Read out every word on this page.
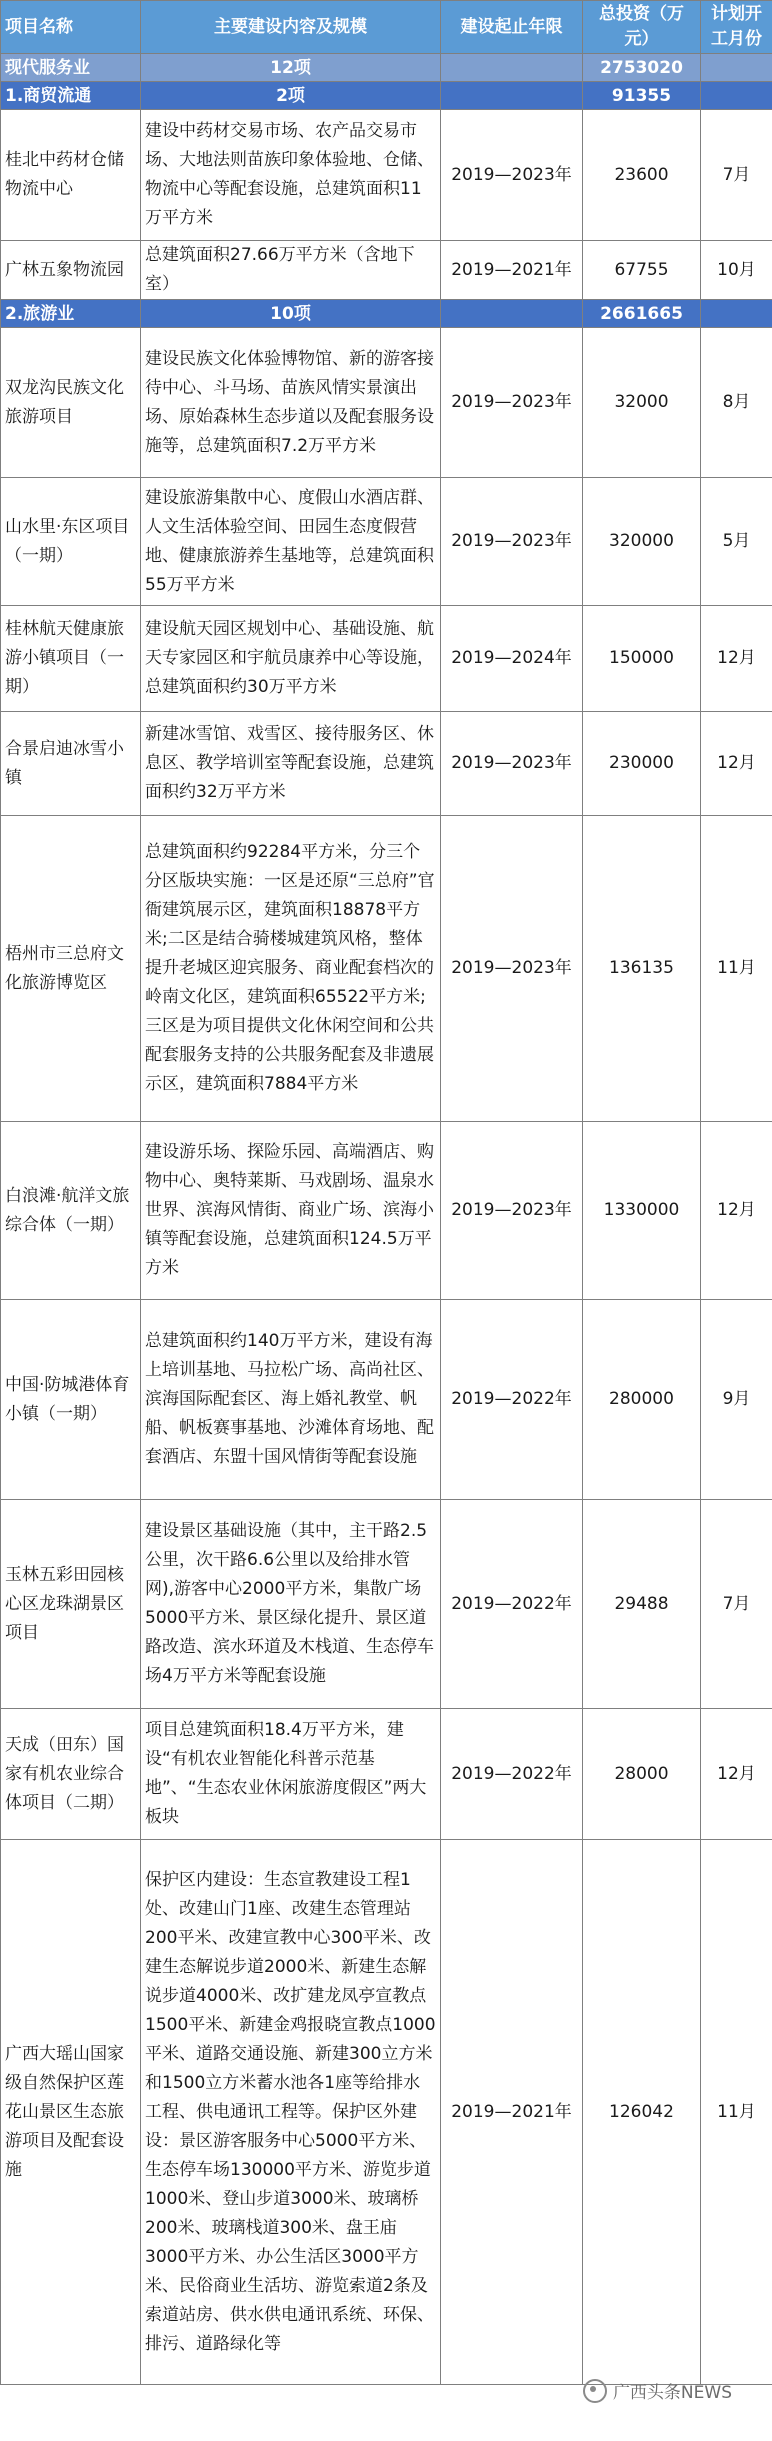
项目名称	主要建设内容及规模	建设起止年限	总投资（万元）	计划开工月份
现代服务业	12项		2753020	
1.商贸流通	2项		91355	
桂北中药材仓储物流中心	建设中药材交易市场、农产品交易市场、大地法则苗族印象体验地、仓储、物流中心等配套设施，总建筑面积11万平方米	2019—2023年	23600	7月
广林五象物流园	总建筑面积27.66万平方米（含地下室）	2019—2021年	67755	10月
2.旅游业	10项		2661665	
双龙沟民族文化旅游项目	建设民族文化体验博物馆、新的游客接待中心、斗马场、苗族风情实景演出场、原始森林生态步道以及配套服务设施等，总建筑面积7.2万平方米	2019—2023年	32000	8月
山水里·东区项目（一期）	建设旅游集散中心、度假山水酒店群、人文生活体验空间、田园生态度假营地、健康旅游养生基地等，总建筑面积55万平方米	2019—2023年	320000	5月
桂林航天健康旅游小镇项目（一期）	建设航天园区规划中心、基础设施、航天专家园区和宇航员康养中心等设施，总建筑面积约30万平方米	2019—2024年	150000	12月
合景启迪冰雪小镇	新建冰雪馆、戏雪区、接待服务区、休息区、教学培训室等配套设施，总建筑面积约32万平方米	2019—2023年	230000	12月
梧州市三总府文化旅游博览区	总建筑面积约92284平方米，分三个分区版块实施：一区是还原“三总府”官衙建筑展示区，建筑面积18878平方米;二区是结合骑楼城建筑风格，整体提升老城区迎宾服务、商业配套档次的岭南文化区，建筑面积65522平方米;三区是为项目提供文化休闲空间和公共配套服务支持的公共服务配套及非遗展示区，建筑面积7884平方米	2019—2023年	136135	11月
白浪滩·航洋文旅综合体（一期）	建设游乐场、探险乐园、高端酒店、购物中心、奥特莱斯、马戏剧场、温泉水世界、滨海风情街、商业广场、滨海小镇等配套设施，总建筑面积124.5万平方米	2019—2023年	1330000	12月
中国·防城港体育小镇（一期）	总建筑面积约140万平方米，建设有海上培训基地、马拉松广场、高尚社区、滨海国际配套区、海上婚礼教堂、帆船、帆板赛事基地、沙滩体育场地、配套酒店、东盟十国风情街等配套设施	2019—2022年	280000	9月
玉林五彩田园核心区龙珠湖景区项目	建设景区基础设施（其中，主干路2.5公里，次干路6.6公里以及给排水管网),游客中心2000平方米，集散广场5000平方米、景区绿化提升、景区道路改造、滨水环道及木栈道、生态停车场4万平方米等配套设施	2019—2022年	29488	7月
天成（田东）国家有机农业综合体项目（二期）	项目总建筑面积18.4万平方米，建设“有机农业智能化科普示范基地”、“生态农业休闲旅游度假区”两大板块	2019—2022年	28000	12月
广西大瑶山国家级自然保护区莲花山景区生态旅游项目及配套设施	保护区内建设：生态宣教建设工程1处、改建山门1座、改建生态管理站200平米、改建宣教中心300平米、改建生态解说步道2000米、新建生态解说步道4000米、改扩建龙凤亭宣教点1500平米、新建金鸡报晓宣教点1000平米、道路交通设施、新建300立方米和1500立方米蓄水池各1座等给排水工程、供电通讯工程等。保护区外建设：景区游客服务中心5000平方米、生态停车场130000平方米、游览步道1000米、登山步道3000米、玻璃桥200米、玻璃栈道300米、盘王庙3000平方米、办公生活区3000平方米、民俗商业生活坊、游览索道2条及索道站房、供水供电通讯系统、环保、排污、道路绿化等	2019—2021年	126042	11月
广西头条NEWS
